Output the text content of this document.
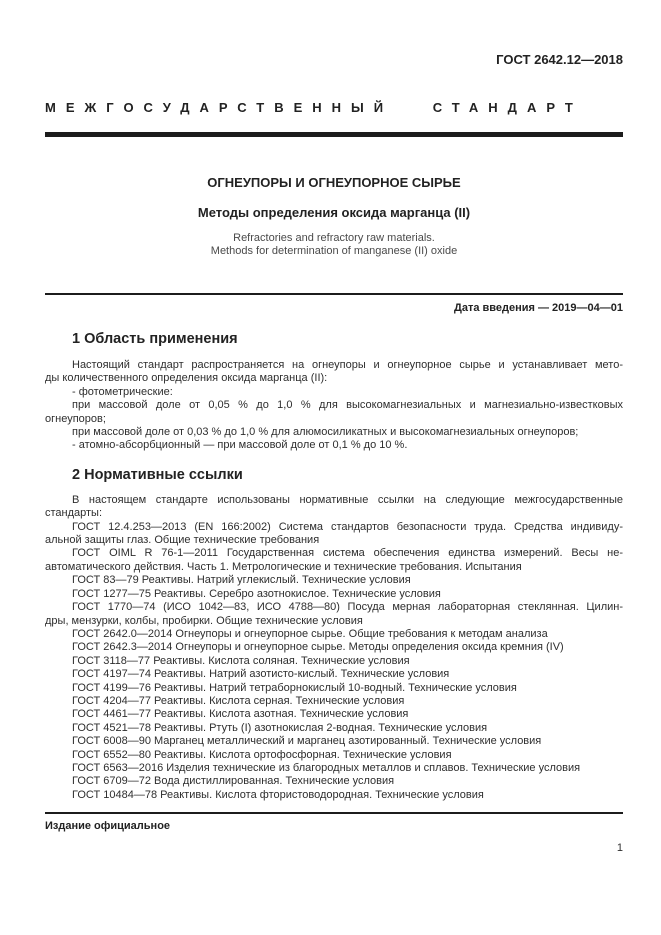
ГОСТ 2642.12—2018
МЕЖГОСУДАРСТВЕННЫЙ СТАНДАРТ
ОГНЕУПОРЫ И ОГНЕУПОРНОЕ СЫРЬЕ
Методы определения оксида марганца (II)
Refractories and refractory raw materials.
Methods for determination of manganese (II) oxide
Дата введения — 2019—04—01
1 Область применения
Настоящий стандарт распространяется на огнеупоры и огнеупорное сырье и устанавливает мето-
ды количественного определения оксида марганца (II):
- фотометрические:
при массовой доле от 0,05 % до 1,0 % для высокомагнезиальных и магнезиально-известковых
огнеупоров;
при массовой доле от 0,03 % до 1,0 % для алюмосиликатных и высокомагнезиальных огнеупоров;
- атомно-абсорбционный — при массовой доле от 0,1 % до 10 %.
2 Нормативные ссылки
В настоящем стандарте использованы нормативные ссылки на следующие межгосударственные
стандарты:
ГОСТ 12.4.253—2013 (EN 166:2002) Система стандартов безопасности труда. Средства индивиду-
альной защиты глаз. Общие технические требования
ГОСТ OIML R 76-1—2011 Государственная система обеспечения единства измерений. Весы не-
автоматического действия. Часть 1. Метрологические и технические требования. Испытания
ГОСТ 83—79 Реактивы. Натрий углекислый. Технические условия
ГОСТ 1277—75 Реактивы. Серебро азотнокислое. Технические условия
ГОСТ 1770—74 (ИСО 1042—83, ИСО 4788—80) Посуда мерная лабораторная стеклянная. Цилин-
дры, мензурки, колбы, пробирки. Общие технические условия
ГОСТ 2642.0—2014 Огнеупоры и огнеупорное сырье. Общие требования к методам анализа
ГОСТ 2642.3—2014 Огнеупоры и огнеупорное сырье. Методы определения оксида кремния (IV)
ГОСТ 3118—77 Реактивы. Кислота соляная. Технические условия
ГОСТ 4197—74 Реактивы. Натрий азотисто-кислый. Технические условия
ГОСТ 4199—76 Реактивы. Натрий тетраборнокислый 10-водный. Технические условия
ГОСТ 4204—77 Реактивы. Кислота серная. Технические условия
ГОСТ 4461—77 Реактивы. Кислота азотная. Технические условия
ГОСТ 4521—78 Реактивы. Ртуть (I) азотнокислая 2-водная. Технические условия
ГОСТ 6008—90 Марганец металлический и марганец азотированный. Технические условия
ГОСТ 6552—80 Реактивы. Кислота ортофосфорная. Технические условия
ГОСТ 6563—2016 Изделия технические из благородных металлов и сплавов. Технические условия
ГОСТ 6709—72 Вода дистиллированная. Технические условия
ГОСТ 10484—78 Реактивы. Кислота фтористоводородная. Технические условия
Издание официальное
1
